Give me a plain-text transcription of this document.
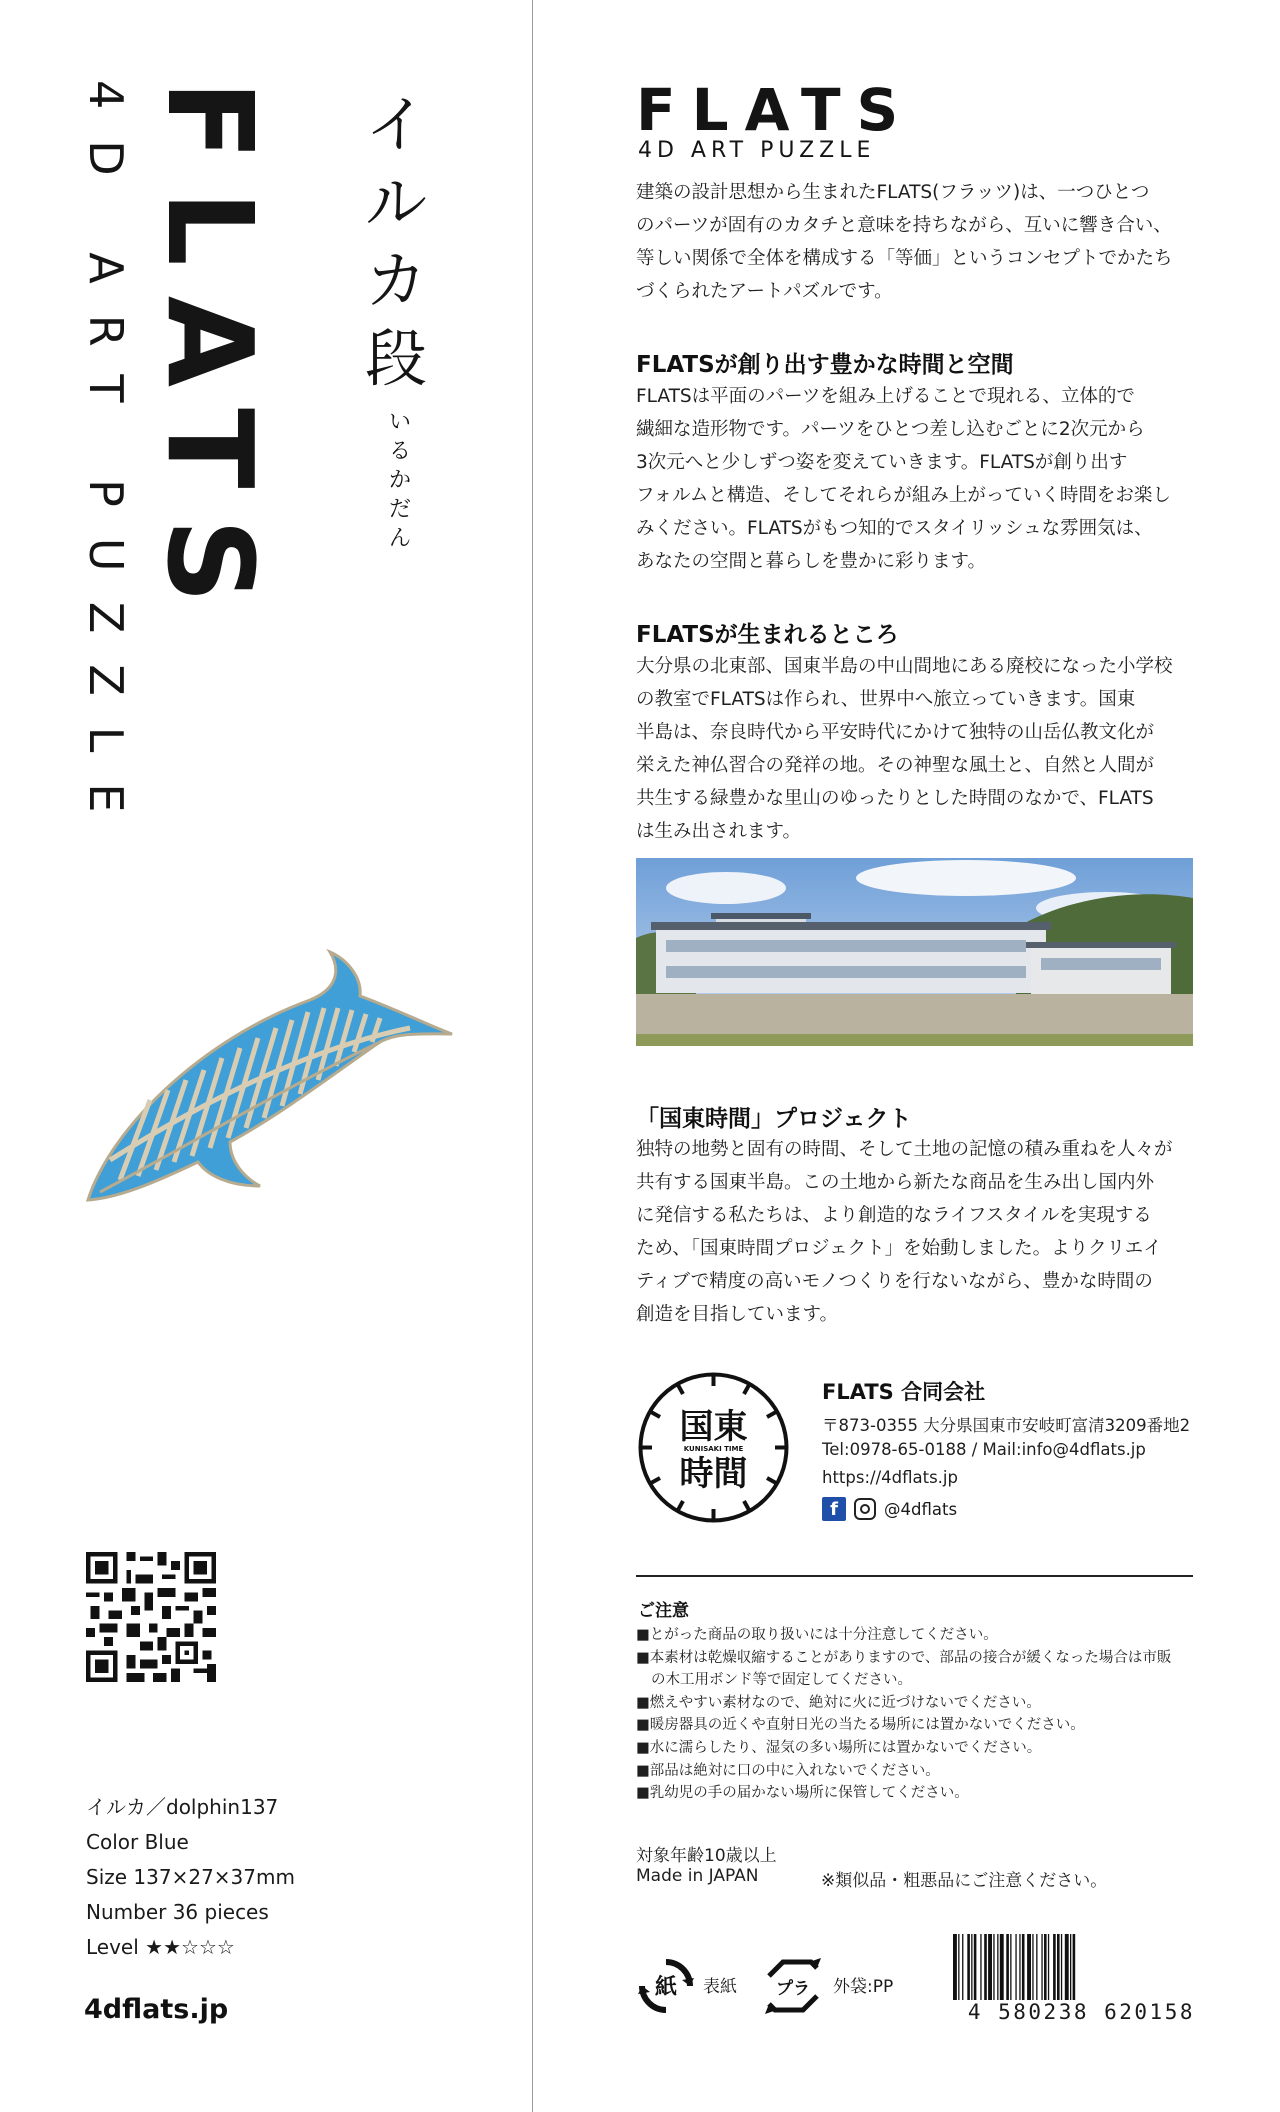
FLATS
4D ART PUZZLE	イ
ル
カ
段
い
る
か
だ
ん
イルカ／dolphin137
Color Blue
Size 137×27×37mm
Number 36 pieces
Level ★★☆☆☆
4dflats.jp
FLATS
4D ART PUZZLE
建築の設計思想から生まれたFLATS(フラッツ)は、一つひとつ
のパーツが固有のカタチと意味を持ちながら、互いに響き合い、
等しい関係で全体を構成する「等価」というコンセプトでかたち
づくられたアートパズルです。
FLATSが創り出す豊かな時間と空間
FLATSは平面のパーツを組み上げることで現れる、立体的で
繊細な造形物です。パーツをひとつ差し込むごとに2次元から
3次元へと少しずつ姿を変えていきます。FLATSが創り出す
フォルムと構造、そしてそれらが組み上がっていく時間をお楽し
みください。FLATSがもつ知的でスタイリッシュな雰囲気は、
あなたの空間と暮らしを豊かに彩ります。
FLATSが生まれるところ
大分県の北東部、国東半島の中山間地にある廃校になった小学校
の教室でFLATSは作られ、世界中へ旅立っていきます。国東
半島は、奈良時代から平安時代にかけて独特の山岳仏教文化が
栄えた神仏習合の発祥の地。その神聖な風土と、自然と人間が
共生する緑豊かな里山のゆったりとした時間のなかで、FLATS
は生み出されます。
「国東時間」プロジェクト
独特の地勢と固有の時間、そして土地の記憶の積み重ねを人々が
共有する国東半島。この土地から新たな商品を生み出し国内外
に発信する私たちは、より創造的なライフスタイルを実現する
ため、「国東時間プロジェクト」を始動しました。よりクリエイ
ティブで精度の高いモノつくりを行ないながら、豊かな時間の
創造を目指しています。
国東
KUNISAKI TIME
時間
FLATS 合同会社
〒873-0355 大分県国東市安岐町富清3209番地2
Tel:0978-65-0188 / Mail:info@4dflats.jp
https://4dflats.jp
f	@4dflats
ご注意
■とがった商品の取り扱いには十分注意してください。
■本素材は乾燥収縮することがありますので、部品の接合が緩くなった場合は市販
の木工用ボンド等で固定してください。
■燃えやすい素材なので、絶対に火に近づけないでください。
■暖房器具の近くや直射日光の当たる場所には置かないでください。
■水に濡らしたり、湿気の多い場所には置かないでください。
■部品は絶対に口の中に入れないでください。
■乳幼児の手の届かない場所に保管してください。
対象年齢10歳以上
Made in JAPAN	※類似品・粗悪品にご注意ください。
紙 表紙 プラ 外袋:PP
4 580238 620158
